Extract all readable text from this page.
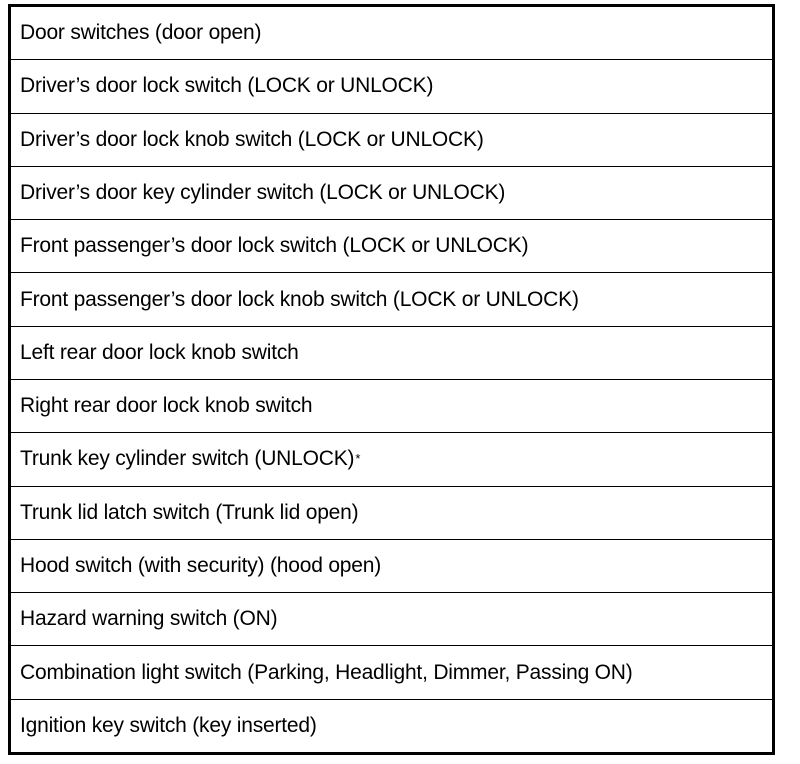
Door switches (door open)
Driver’s door lock switch (LOCK or UNLOCK)
Driver’s door lock knob switch (LOCK or UNLOCK)
Driver’s door key cylinder switch (LOCK or UNLOCK)
Front passenger’s door lock switch (LOCK or UNLOCK)
Front passenger’s door lock knob switch (LOCK or UNLOCK)
Left rear door lock knob switch
Right rear door lock knob switch
Trunk key cylinder switch (UNLOCK) *
Trunk lid latch switch (Trunk lid open)
Hood switch (with security) (hood open)
Hazard warning switch (ON)
Combination light switch (Parking, Headlight, Dimmer, Passing ON)
Ignition key switch (key inserted)
